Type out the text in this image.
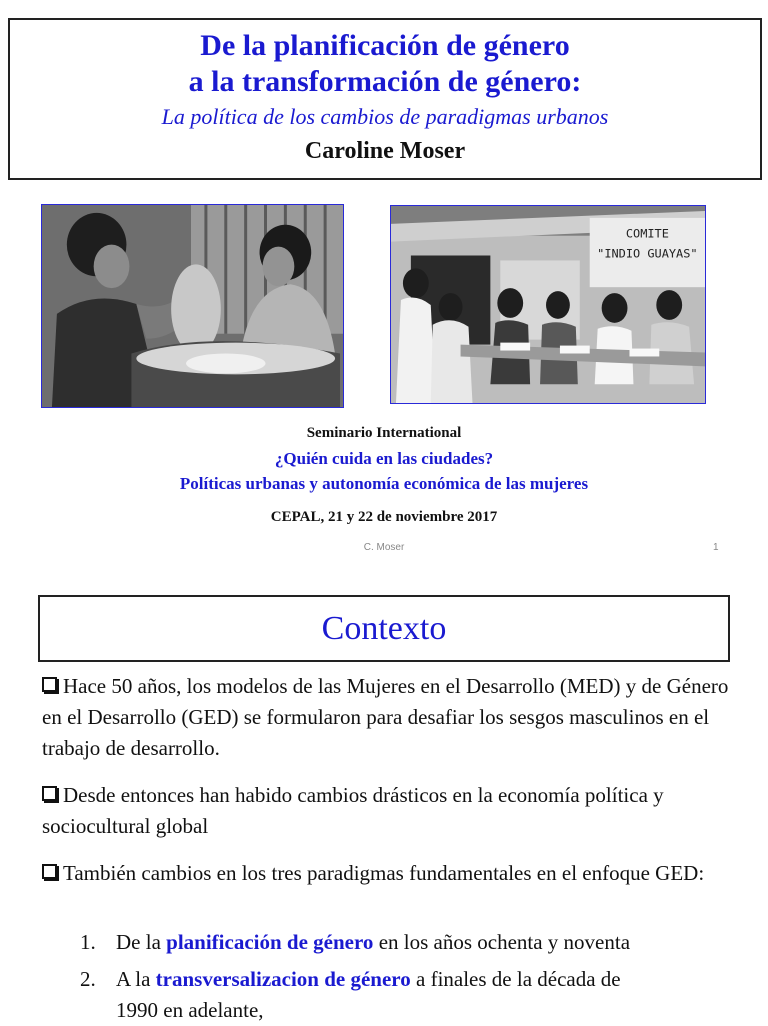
De la planificación de género
a la transformación de género:
La política de los cambios de paradigmas urbanos
Caroline Moser
COMITE
"INDIO GUAYAS"
Seminario International
¿Quién cuida en las ciudades?
Políticas urbanas y autonomía económica de las mujeres
CEPAL, 21 y 22 de noviembre 2017
C. Moser	1
Contexto
Hace 50 años, los modelos de las Mujeres en el Desarrollo (MED) y de Género en el Desarrollo (GED) se formularon para desafiar los sesgos masculinos en el trabajo de desarrollo.
Desde entonces han habido cambios drásticos en la economía política y sociocultural global
También cambios en los tres paradigmas fundamentales en el enfoque GED:
1. De la planificación de género en los años ochenta y noventa
2. A la transversalizacion de género a finales de la década de
1990 en adelante,
